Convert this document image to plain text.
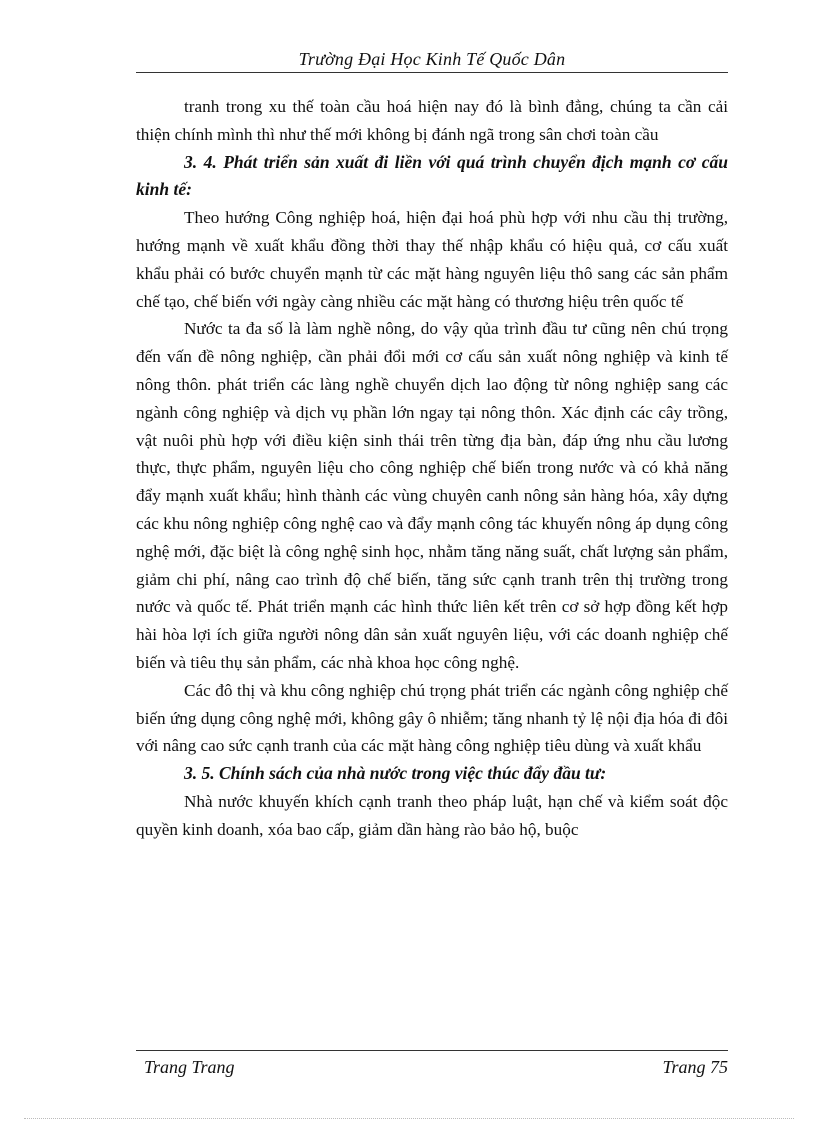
Trường Đại Học Kinh Tế Quốc Dân

tranh trong xu thế toàn cầu hoá hiện nay đó là bình đẳng, chúng ta cần cải thiện chính mình thì như thế mới không bị đánh ngã trong sân chơi toàn cầu

3. 4. Phát triển sản xuất đi liền với quá trình chuyển địch mạnh cơ cấu kinh tế:

Theo hướng Công nghiệp hoá, hiện đại hoá phù hợp với nhu cầu thị trường, hướng mạnh về xuất khẩu đồng thời thay thế nhập khẩu có hiệu quả, cơ cấu xuất khẩu phải có bước chuyển mạnh từ các mặt hàng nguyên liệu thô sang các sản phẩm chế tạo, chế biến với ngày càng nhiều các mặt hàng có thương hiệu trên quốc tế

Nước ta đa số là làm nghề nông, do vậy qủa trình đầu tư cũng nên chú trọng đến vấn đề nông nghiệp, cần phải đổi mới cơ cấu sản xuất nông nghiệp và kinh tế nông thôn. phát triển các làng nghề chuyển dịch lao động từ nông nghiệp sang các ngành công nghiệp và dịch vụ phần lớn ngay tại nông thôn. Xác định các cây trồng, vật nuôi phù hợp với điều kiện sinh thái trên từng địa bàn, đáp ứng nhu cầu lương thực, thực phẩm, nguyên liệu cho công nghiệp chế biến trong nước và có khả năng đẩy mạnh xuất khẩu; hình thành các vùng chuyên canh nông sản hàng hóa, xây dựng các khu nông nghiệp công nghệ cao và đẩy mạnh công tác khuyến nông áp dụng công nghệ mới, đặc biệt là công nghệ sinh học, nhằm tăng năng suất, chất lượng sản phẩm, giảm chi phí, nâng cao trình độ chế biến, tăng sức cạnh tranh trên thị trường trong nước và quốc tế. Phát triển mạnh các hình thức liên kết trên cơ sở hợp đồng kết hợp hài hòa lợi ích giữa người nông dân sản xuất nguyên liệu, với các doanh nghiệp chế biến và tiêu thụ sản phẩm, các nhà khoa học công nghệ.

Các đô thị và khu công nghiệp chú trọng phát triển các ngành công nghiệp chế biến ứng dụng công nghệ mới, không gây ô nhiễm; tăng nhanh tỷ lệ nội địa hóa đi đôi với nâng cao sức cạnh tranh của các mặt hàng công nghiệp tiêu dùng và xuất khẩu

3. 5. Chính sách của nhà nước trong việc thúc đẩy đầu tư:

Nhà nước khuyến khích cạnh tranh theo pháp luật, hạn chế và kiểm soát độc quyền kinh doanh, xóa bao cấp, giảm dần hàng rào bảo hộ, buộc

Trang Trang	Trang 75
